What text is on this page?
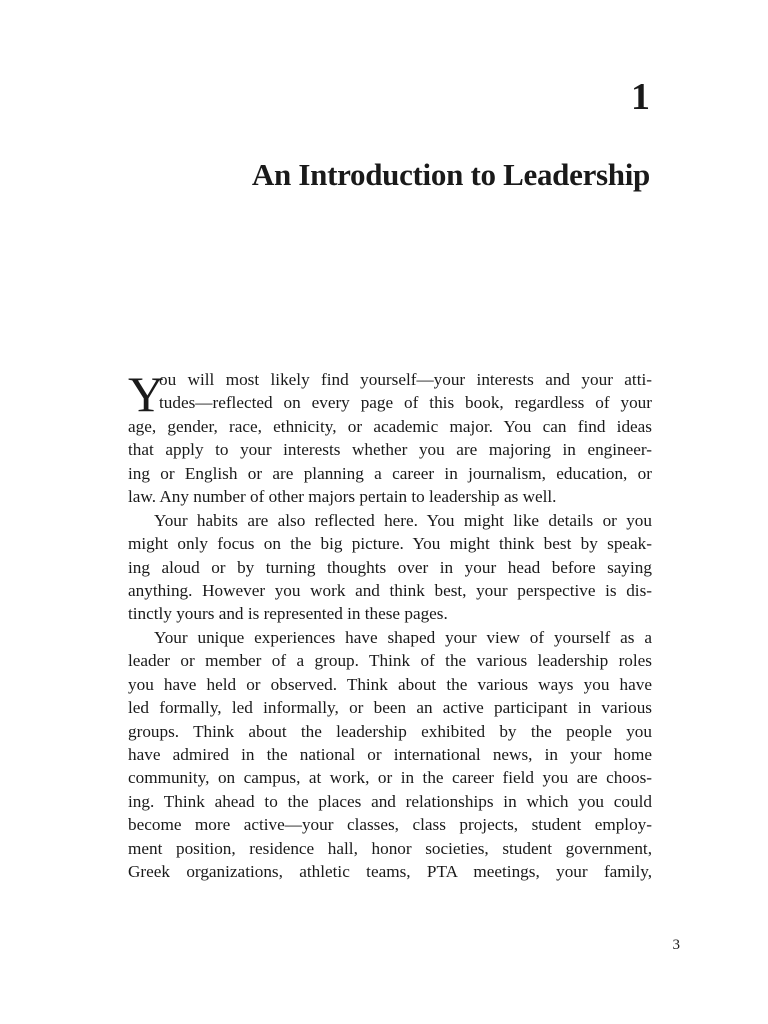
1
An Introduction to Leadership
Y
ou will most likely find yourself—your interests and your atti-
tudes—reflected on every page of this book, regardless of your
age, gender, race, ethnicity, or academic major. You can find ideas
that apply to your interests whether you are majoring in engineer-
ing or English or are planning a career in journalism, education, or
law. Any number of other majors pertain to leadership as well.
Your habits are also reflected here. You might like details or you
might only focus on the big picture. You might think best by speak-
ing aloud or by turning thoughts over in your head before saying
anything. However you work and think best, your perspective is dis-
tinctly yours and is represented in these pages.
Your unique experiences have shaped your view of yourself as a
leader or member of a group. Think of the various leadership roles
you have held or observed. Think about the various ways you have
led formally, led informally, or been an active participant in various
groups. Think about the leadership exhibited by the people you
have admired in the national or international news, in your home
community, on campus, at work, or in the career field you are choos-
ing. Think ahead to the places and relationships in which you could
become more active—your classes, class projects, student employ-
ment position, residence hall, honor societies, student government,
Greek organizations, athletic teams, PTA meetings, your family,
3
